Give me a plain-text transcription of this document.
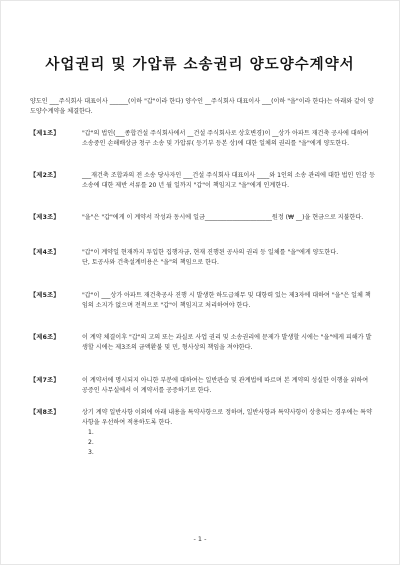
사업권리 및 가압류 소송권리 양도양수계약서
양도인 ___주식회사 대표이사 ______(이하 "갑"이라 한다) 양수인 __주식회사 대표이사 ___(이하 "을"이라 한다)는 아래와 같이 양도양수계약을 체결한다.
【제1조】	"갑"의 법인(___종합건설 주식회사에서 __건설 주식회사로 상호변경)이 __상가 아파트 재건축 공사에 대하여 소송중인 손해배상금 청구 소송 및 가압류( 등기부 등본 상)에 대한 일체의 권리를 "을"에게 양도한다.

【제2조】	___재건축 조합과의 전 소송 당사자인 ___건설 주식회사 대표이사 ____와 1인의 소송 관리에 대한 법인 인감 등 소송에 대한 제반 서류를 20 년 월 일까지 "갑"이 책임지고 "을"에게 인계한다.

【제3조】	"을"은 "갑"에게 이 계약서 작성과 동시에 일금______________________원정 (₩ __)을 현금으로 지불한다.

【제4조】	"갑"이 계약일 현재까지 투입한 집행자금, 현재 진행된 공사의 권리 등 일체를 "을"에게 양도한다.

단, 토공사와 건축설계비용은 "을"의 책임으로 한다.

【제5조】	"갑"이 ___상가 아파트 재건축공사 진행 시 발생한 하도급채무 및 대항력 있는 제3자에 대하여 "을"은 일체 책임의 소지가 없으며 전적으로 "갑"이 책임지고 처리하여야 한다.

【제6조】	이 계약 체결이후 "갑"의 고의 또는 과실로 사업 권리 및 소송권리에 문제가 발생할 시에는 "을"에게 피해가 발생할 시에는 제3조의 금액환불 및 민, 형사상의 책임을 져야한다.

【제7조】	이 계약서에 명시되지 아니한 부분에 대하여는 일반관습 및 관계법에 따르며 본 계약의 성실한 이행을 위하여 공증인 사무실에서 이 계약서를 공증하기로 한다.

【제8조】	상기 계약 일반사항 이외에 아래 내용을 특약사항으로 정하며, 일반사항과 특약사항이 상충되는 경우에는 특약사항을 우선하여 적용하도록 한다.

1.

2.

3.

- 1 -
